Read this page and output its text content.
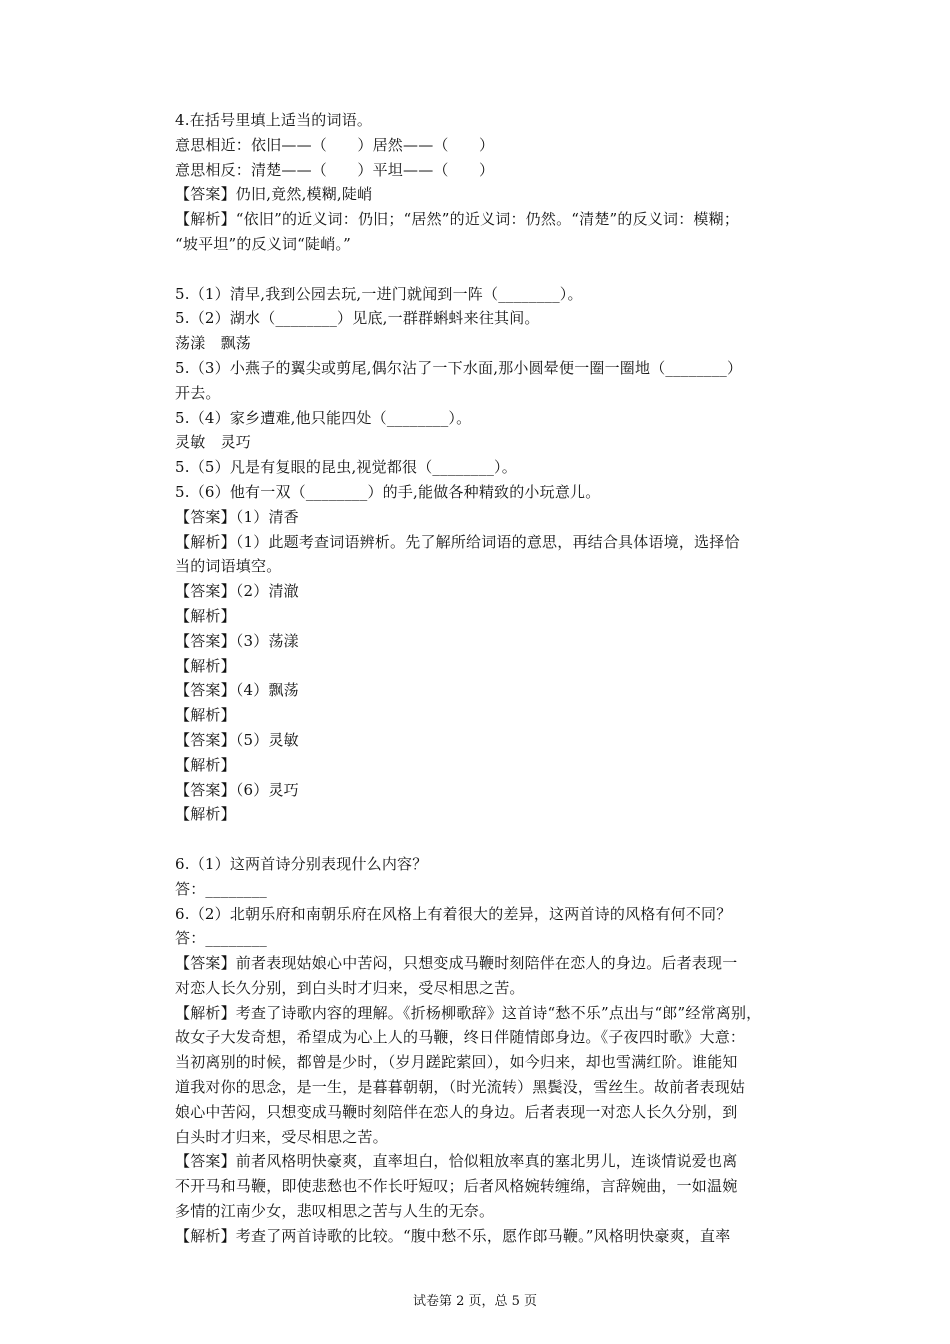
4.在括号里填上适当的词语。
意思相近：依旧——（　　）居然——（　　）
意思相反：清楚——（　　）平坦——（　　）
【答案】仍旧,竟然,模糊,陡峭
【解析】“依旧”的近义词：仍旧；“居然”的近义词：仍然。“清楚”的反义词：模糊；
“坡平坦”的反义词“陡峭。”
5.（1）清早,我到公园去玩,一进门就闻到一阵（________）。
5.（2）湖水（________）见底,一群群蝌蚪来往其间。
荡漾　飘荡
5.（3）小燕子的翼尖或剪尾,偶尔沾了一下水面,那小圆晕便一圈一圈地（________）
开去。
5.（4）家乡遭难,他只能四处（________）。
灵敏　灵巧
5.（5）凡是有复眼的昆虫,视觉都很（________）。
5.（6）他有一双（________）的手,能做各种精致的小玩意儿。
【答案】（1）清香
【解析】（1）此题考查词语辨析。先了解所给词语的意思，再结合具体语境，选择恰
当的词语填空。
【答案】（2）清澈
【解析】
【答案】（3）荡漾
【解析】
【答案】（4）飘荡
【解析】
【答案】（5）灵敏
【解析】
【答案】（6）灵巧
【解析】
6.（1）这两首诗分别表现什么内容？
答：________
6.（2）北朝乐府和南朝乐府在风格上有着很大的差异，这两首诗的风格有何不同？
答：________
【答案】前者表现姑娘心中苦闷，只想变成马鞭时刻陪伴在恋人的身边。后者表现一
对恋人长久分别，到白头时才归来，受尽相思之苦。
【解析】考查了诗歌内容的理解。《折杨柳歌辞》这首诗“愁不乐”点出与“郎”经常离别，
故女子大发奇想，希望成为心上人的马鞭，终日伴随情郎身边。《子夜四时歌》大意：
当初离别的时候，都曾是少时，（岁月蹉跎萦回），如今归来，却也雪满红阶。谁能知
道我对你的思念，是一生，是暮暮朝朝，（时光流转）黑鬓没，雪丝生。故前者表现姑
娘心中苦闷，只想变成马鞭时刻陪伴在恋人的身边。后者表现一对恋人长久分别，到
白头时才归来，受尽相思之苦。
【答案】前者风格明快豪爽，直率坦白，恰似粗放率真的塞北男儿，连谈情说爱也离
不开马和马鞭，即使悲愁也不作长吁短叹；后者风格婉转缠绵，言辞婉曲，一如温婉
多情的江南少女，悲叹相思之苦与人生的无奈。
【解析】考查了两首诗歌的比较。“腹中愁不乐，愿作郎马鞭。”风格明快豪爽，直率
试卷第 2 页，总 5 页
